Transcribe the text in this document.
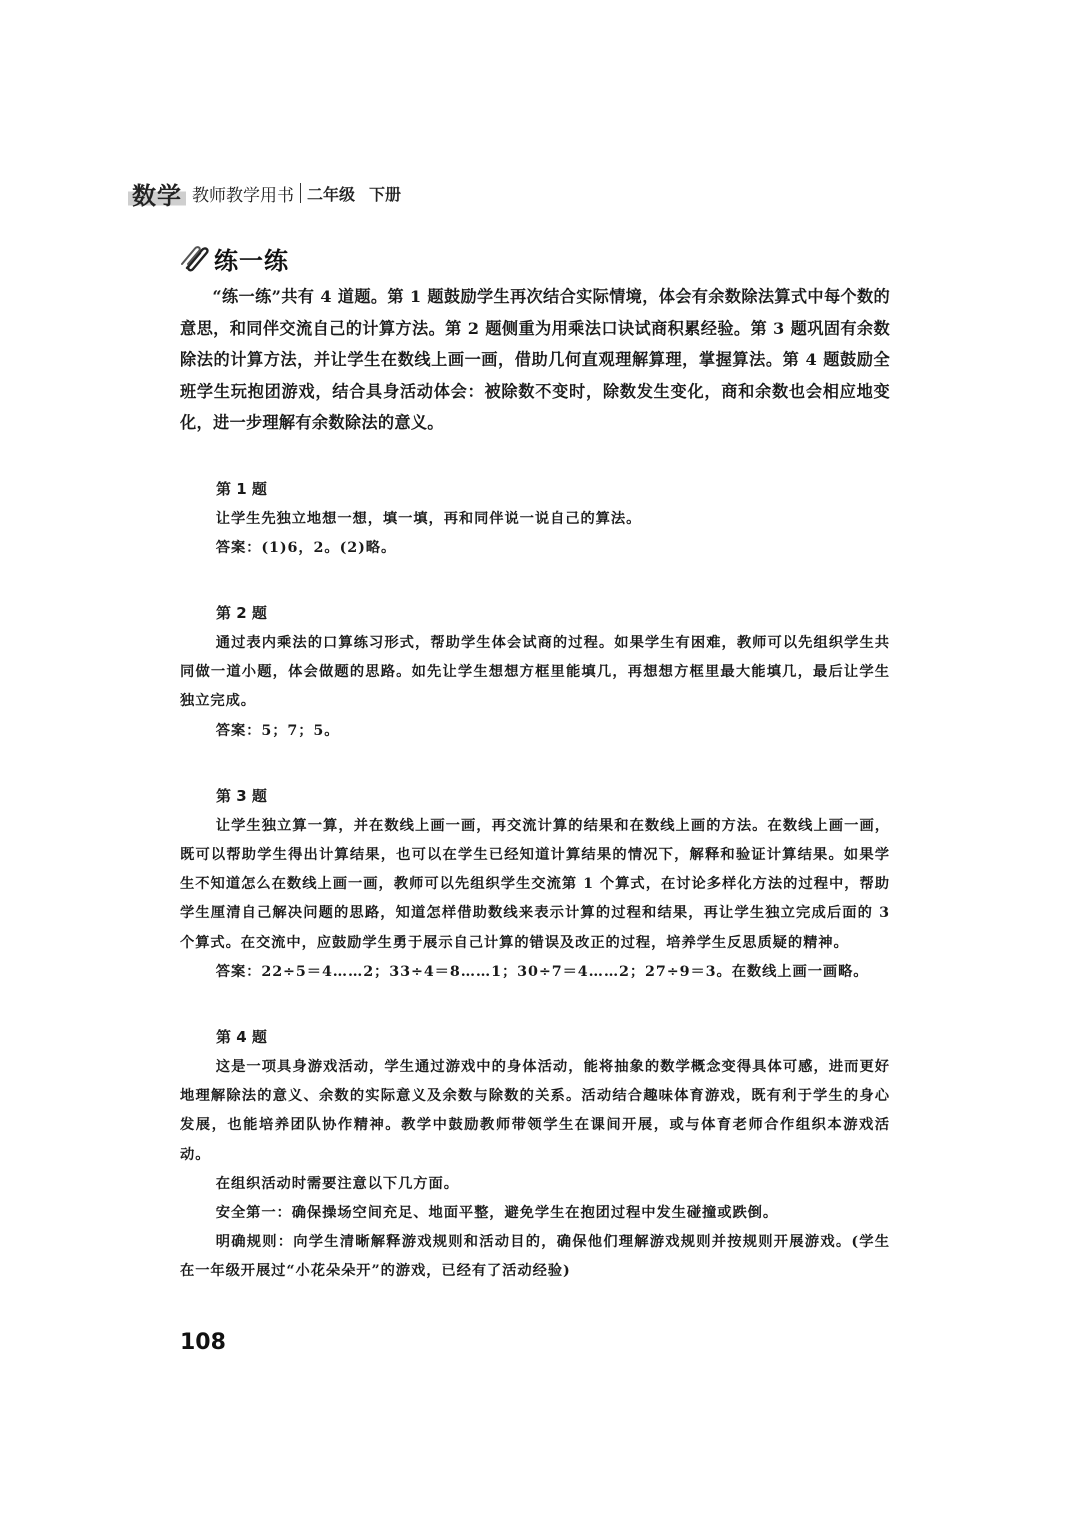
数学 教师教学用书 二年级 下册
练一练

“练一练”共有 4 道题。第 1 题鼓励学生再次结合实际情境，体会有余数除法算式中每个数的意思，和同伴交流自己的计算方法。第 2 题侧重为用乘法口诀试商积累经验。第 3 题巩固有余数除法的计算方法，并让学生在数线上画一画，借助几何直观理解算理，掌握算法。第 4 题鼓励全班学生玩抱团游戏，结合具身活动体会：被除数不变时，除数发生变化，商和余数也会相应地变化，进一步理解有余数除法的意义。

第 1 题

让学生先独立地想一想，填一填，再和同伴说一说自己的算法。

答案：(1)6，2。(2)略。

第 2 题

通过表内乘法的口算练习形式，帮助学生体会试商的过程。如果学生有困难，教师可以先组织学生共同做一道小题，体会做题的思路。如先让学生想想方框里能填几，再想想方框里最大能填几，最后让学生独立完成。

答案：5；7；5。

第 3 题

让学生独立算一算，并在数线上画一画，再交流计算的结果和在数线上画的方法。在数线上画一画，既可以帮助学生得出计算结果，也可以在学生已经知道计算结果的情况下，解释和验证计算结果。如果学生不知道怎么在数线上画一画，教师可以先组织学生交流第 1 个算式，在讨论多样化方法的过程中，帮助学生厘清自己解决问题的思路，知道怎样借助数线来表示计算的过程和结果，再让学生独立完成后面的 3 个算式。在交流中，应鼓励学生勇于展示自己计算的错误及改正的过程，培养学生反思质疑的精神。

答案：22÷5＝4……2；33÷4＝8……1；30÷7＝4……2；27÷9＝3。在数线上画一画略。

第 4 题

这是一项具身游戏活动，学生通过游戏中的身体活动，能将抽象的数学概念变得具体可感，进而更好地理解除法的意义、余数的实际意义及余数与除数的关系。活动结合趣味体育游戏，既有利于学生的身心发展，也能培养团队协作精神。教学中鼓励教师带领学生在课间开展，或与体育老师合作组织本游戏活动。

在组织活动时需要注意以下几方面。

安全第一：确保操场空间充足、地面平整，避免学生在抱团过程中发生碰撞或跌倒。

明确规则：向学生清晰解释游戏规则和活动目的，确保他们理解游戏规则并按规则开展游戏。(学生在一年级开展过“小花朵朵开”的游戏，已经有了活动经验)

108
